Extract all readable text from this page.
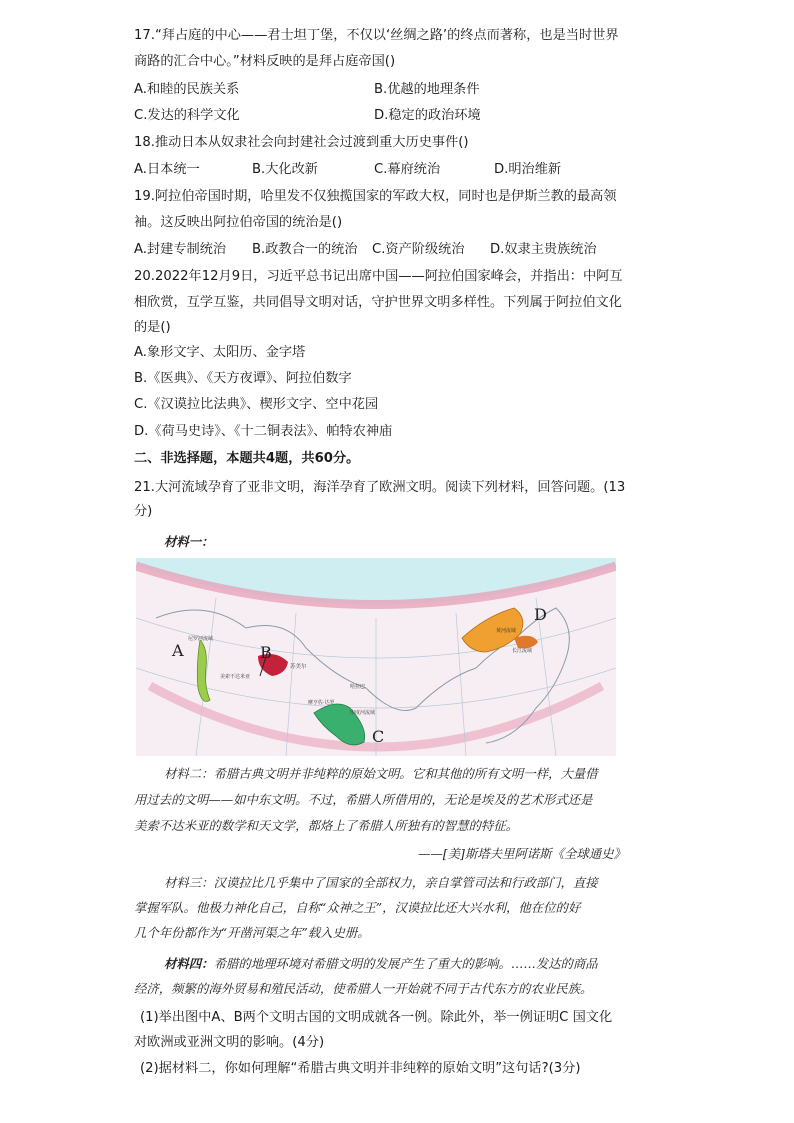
17.“拜占庭的中心——君士坦丁堡，不仅以‘丝绸之路’的终点而著称，也是当时世界
商路的汇合中心。”材料反映的是拜占庭帝国()
A.和睦的民族关系	B.优越的地理条件
C.发达的科学文化	D.稳定的政治环境
18.推动日本从奴隶社会向封建社会过渡到重大历史事件()
A.日本统一	B.大化改新	C.幕府统治	D.明治维新
19.阿拉伯帝国时期，哈里发不仅独揽国家的军政大权，同时也是伊斯兰教的最高领
袖。这反映出阿拉伯帝国的统治是()
A.封建专制统治 B.政教合一的统治 C.资产阶级统治 D.奴隶主贵族统治
20.2022年12月9日，习近平总书记出席中国——阿拉伯国家峰会，并指出：中阿互
相欣赏，互学互鉴，共同倡导文明对话，守护世界文明多样性。下列属于阿拉伯文化
的是()
A.象形文字、太阳历、金字塔
B.《医典》、《天方夜谭》、阿拉伯数字
C.《汉谟拉比法典》、楔形文字、空中花园
D.《荷马史诗》、《十二铜表法》、帕特农神庙
二、非选择题，本题共4题，共60分。
21.大河流域孕育了亚非文明，海洋孕育了欧洲文明。阅读下列材料，回答问题。(13
分)
材料一：
A	B
C
D
尼罗河流域
美索不达米亚
苏美尔
印度河流域
哈拉巴
摩亨佐·达罗
黄河流域
长江流域
材料二：希腊古典文明并非纯粹的原始文明。它和其他的所有文明一样，大量借
用过去的文明——如中东文明。不过，希腊人所借用的，无论是埃及的艺术形式还是
美索不达米亚的数学和天文学，都烙上了希腊人所独有的智慧的特征。
——[美]斯塔夫里阿诺斯《全球通史》
材料三：汉谟拉比几乎集中了国家的全部权力，亲自掌管司法和行政部门，直接
掌握军队。他极力神化自己，自称“众神之王”，汉谟拉比还大兴水利，他在位的好
几个年份都作为“开凿河渠之年”载入史册。
材料四：希腊的地理环境对希腊文明的发展产生了重大的影响。……发达的商品
经济，频繁的海外贸易和殖民活动，使希腊人一开始就不同于古代东方的农业民族。
(1)举出图中A、B两个文明古国的文明成就各一例。除此外，举一例证明C 国文化
对欧洲或亚洲文明的影响。(4分)
(2)据材料二，你如何理解“希腊古典文明并非纯粹的原始文明”这句话?(3分)
